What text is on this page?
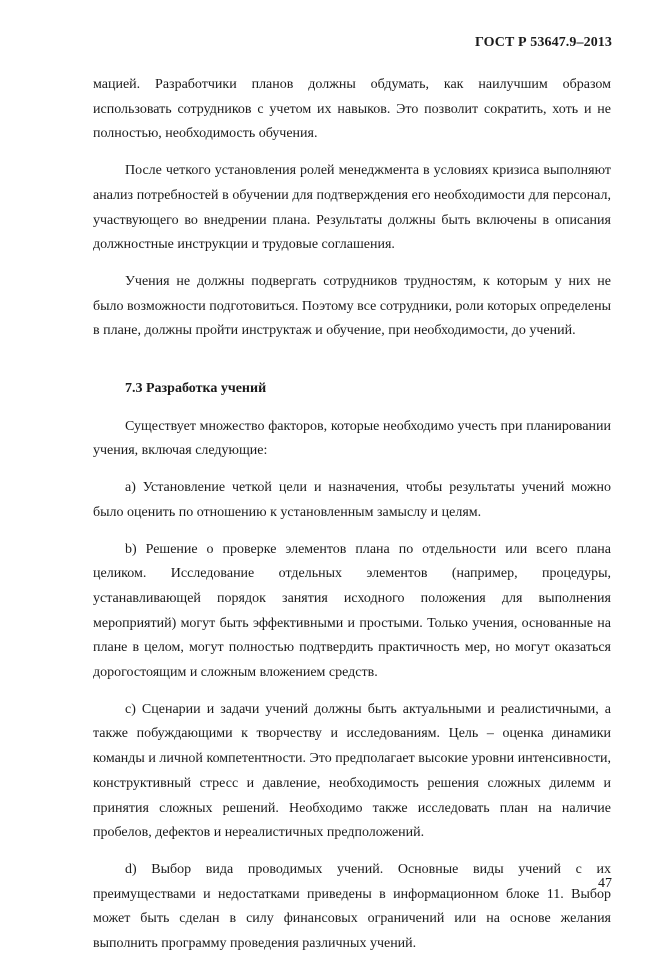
ГОСТ Р 53647.9–2013

мацией. Разработчики планов должны обдумать, как наилучшим образом использовать сотрудников с учетом их навыков. Это позволит сократить, хоть и не полностью, необходимость обучения.

После четкого установления ролей менеджмента в условиях кризиса выполняют анализ потребностей в обучении для подтверждения его необходимости для персонал, участвующего во внедрении плана. Результаты должны быть включены в описания должностные инструкции и трудовые соглашения.

Учения не должны подвергать сотрудников трудностям, к которым у них не было возможности подготовиться. Поэтому все сотрудники, роли которых определены в плане, должны пройти инструктаж и обучение, при необходимости, до учений.

7.3 Разработка учений

Существует множество факторов, которые необходимо учесть при планировании учения, включая следующие:

a) Установление четкой цели и назначения, чтобы результаты учений можно было оценить по отношению к установленным замыслу и целям.

b) Решение о проверке элементов плана по отдельности или всего плана целиком. Исследование отдельных элементов (например, процедуры, устанавливающей порядок занятия исходного положения для выполнения мероприятий) могут быть эффективными и простыми. Только учения, основанные на плане в целом, могут полностью подтвердить практичность мер, но могут оказаться дорогостоящим и сложным вложением средств.

c) Сценарии и задачи учений должны быть актуальными и реалистичными, а также побуждающими к творчеству и исследованиям. Цель – оценка динамики команды и личной компетентности. Это предполагает высокие уровни интенсивности, конструктивный стресс и давление, необходимость решения сложных дилемм и принятия сложных решений. Необходимо также исследовать план на наличие пробелов, дефектов и нереалистичных предположений.

d) Выбор вида проводимых учений. Основные виды учений с их преимуществами и недостатками приведены в информационном блоке 11. Выбор может быть сделан в силу финансовых ограничений или на основе желания выполнить программу проведения различных учений.

47
